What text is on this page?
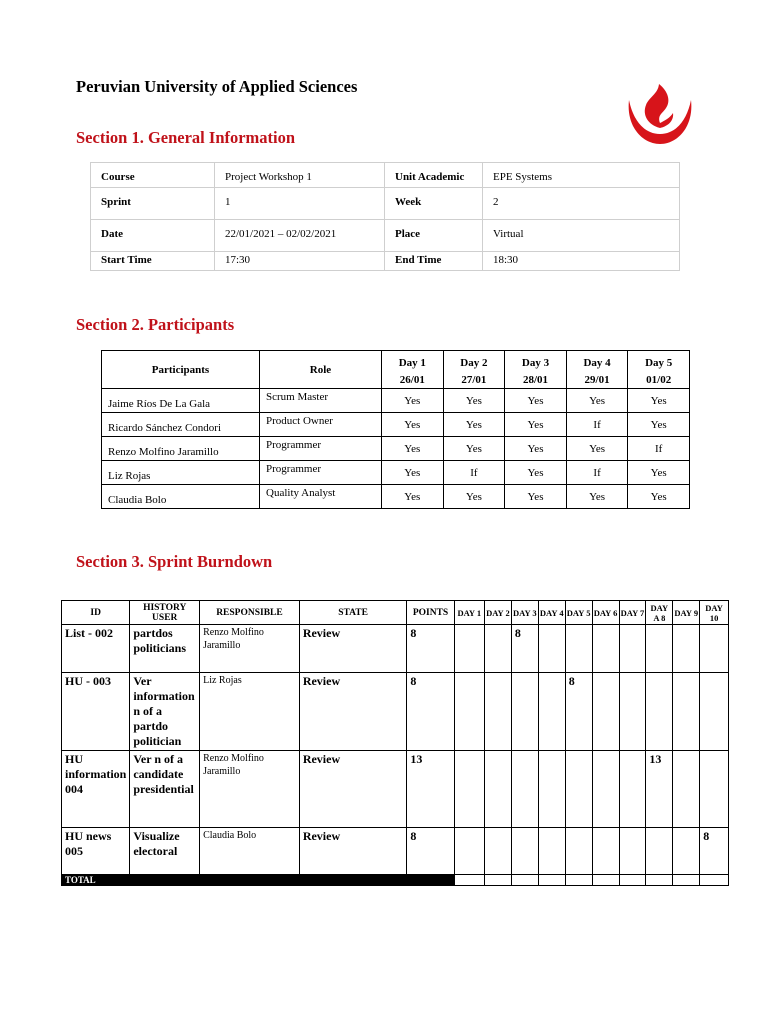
Peruvian University of Applied Sciences
Section 1. General Information
Course	Project Workshop 1	Unit Academic	EPE Systems
Sprint	1	Week	2
Date	22/01/2021 – 02/02/2021	Place	Virtual
Start Time	17:30	End Time	18:30
Section 2. Participants
Participants	Role	Day 1	Day 2	Day 3	Day 4	Day 5
		26/01	27/01	28/01	29/01	01/02
Jaime Ríos De La Gala	Scrum Master	Yes	Yes	Yes	Yes	Yes
Ricardo Sánchez Condori	Product Owner	Yes	Yes	Yes	If	Yes
Renzo Molfino Jaramillo	Programmer	Yes	Yes	Yes	Yes	If
Liz Rojas	Programmer	Yes	If	Yes	If	Yes
Claudia Bolo	Quality Analyst	Yes	Yes	Yes	Yes	Yes
Section 3. Sprint Burndown
ID	HISTORY USER	RESPONSIBLE	STATE	POINTS	DAY 1	DAY 2	DAY 3	DAY 4	DAY 5	DAY 6	DAY 7	DAY A 8	DAY 9	DAY 10
List - 002	partdos politicians	Renzo Molfino Jaramillo	Review	8			8							
HU - 003	Ver information n of a partdo politician	Liz Rojas	Review	8					8					
HU information 004	Ver n of a candidate presidential	Renzo Molfino Jaramillo	Review	13								13		
HU news 005	Visualize electoral	Claudia Bolo	Review	8										8
TOTAL														
